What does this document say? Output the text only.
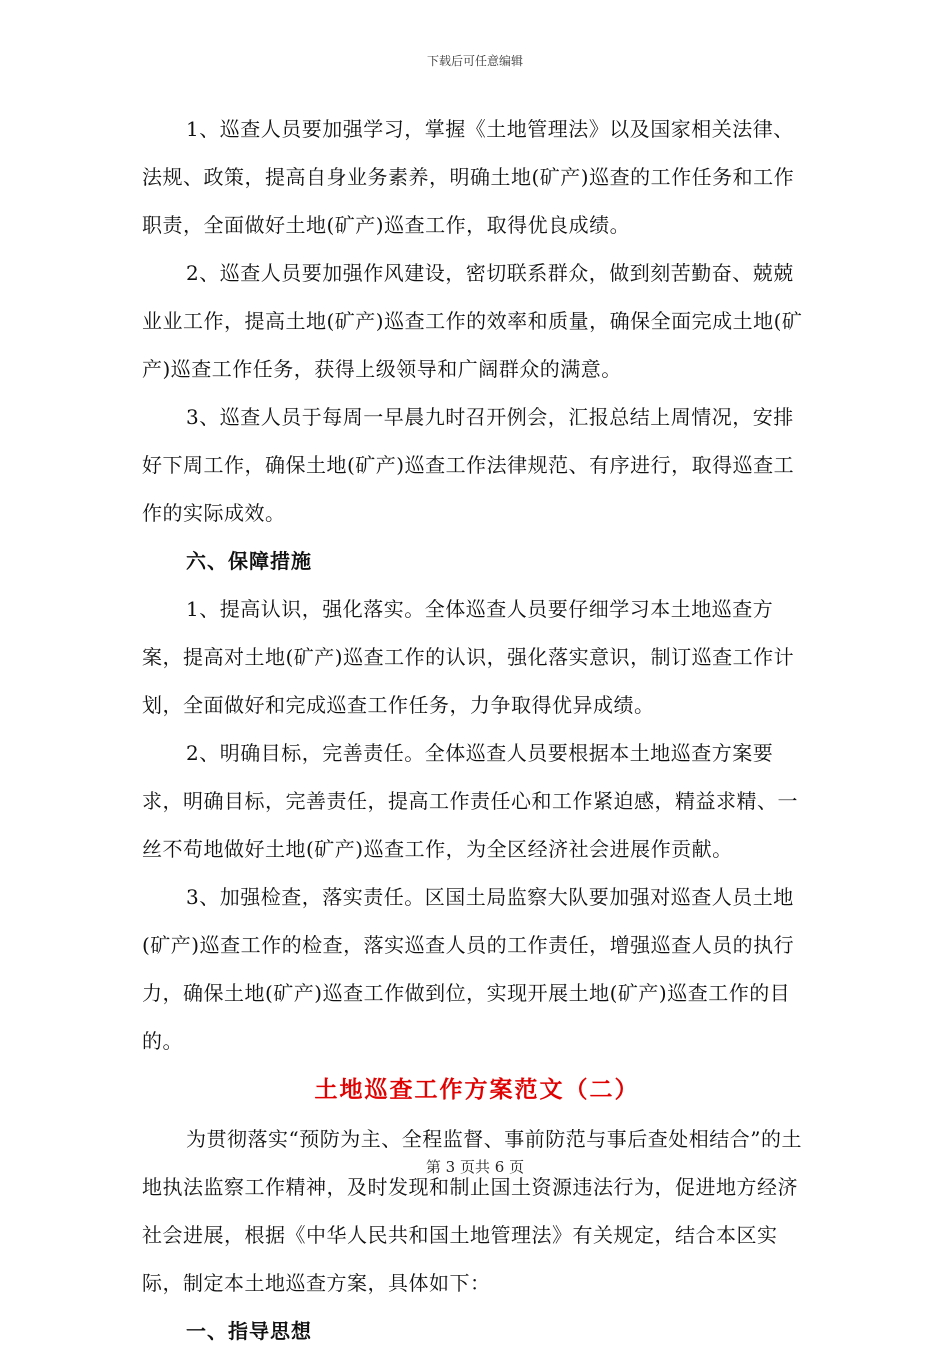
下载后可任意编辑

1、巡查人员要加强学习，掌握《土地管理法》以及国家相关法律、法规、政策，提高自身业务素养，明确土地(矿产)巡查的工作任务和工作职责，全面做好土地(矿产)巡查工作，取得优良成绩。

2、巡查人员要加强作风建设，密切联系群众，做到刻苦勤奋、兢兢业业工作，提高土地(矿产)巡查工作的效率和质量，确保全面完成土地(矿产)巡查工作任务，获得上级领导和广阔群众的满意。

3、巡查人员于每周一早晨九时召开例会，汇报总结上周情况，安排好下周工作，确保土地(矿产)巡查工作法律规范、有序进行，取得巡查工作的实际成效。

六、保障措施

1、提高认识，强化落实。全体巡查人员要仔细学习本土地巡查方案，提高对土地(矿产)巡查工作的认识，强化落实意识，制订巡查工作计划，全面做好和完成巡查工作任务，力争取得优异成绩。

2、明确目标，完善责任。全体巡查人员要根据本土地巡查方案要求，明确目标，完善责任，提高工作责任心和工作紧迫感，精益求精、一丝不苟地做好土地(矿产)巡查工作，为全区经济社会进展作贡献。

3、加强检查，落实责任。区国土局监察大队要加强对巡查人员土地(矿产)巡查工作的检查，落实巡查人员的工作责任，增强巡查人员的执行力，确保土地(矿产)巡查工作做到位，实现开展土地(矿产)巡查工作的目的。

土地巡查工作方案范文（二）

为贯彻落实“预防为主、全程监督、事前防范与事后查处相结合”的土地执法监察工作精神，及时发现和制止国土资源违法行为，促进地方经济社会进展，根据《中华人民共和国土地管理法》有关规定，结合本区实际，制定本土地巡查方案，具体如下：

一、指导思想

第 3 页共 6 页
